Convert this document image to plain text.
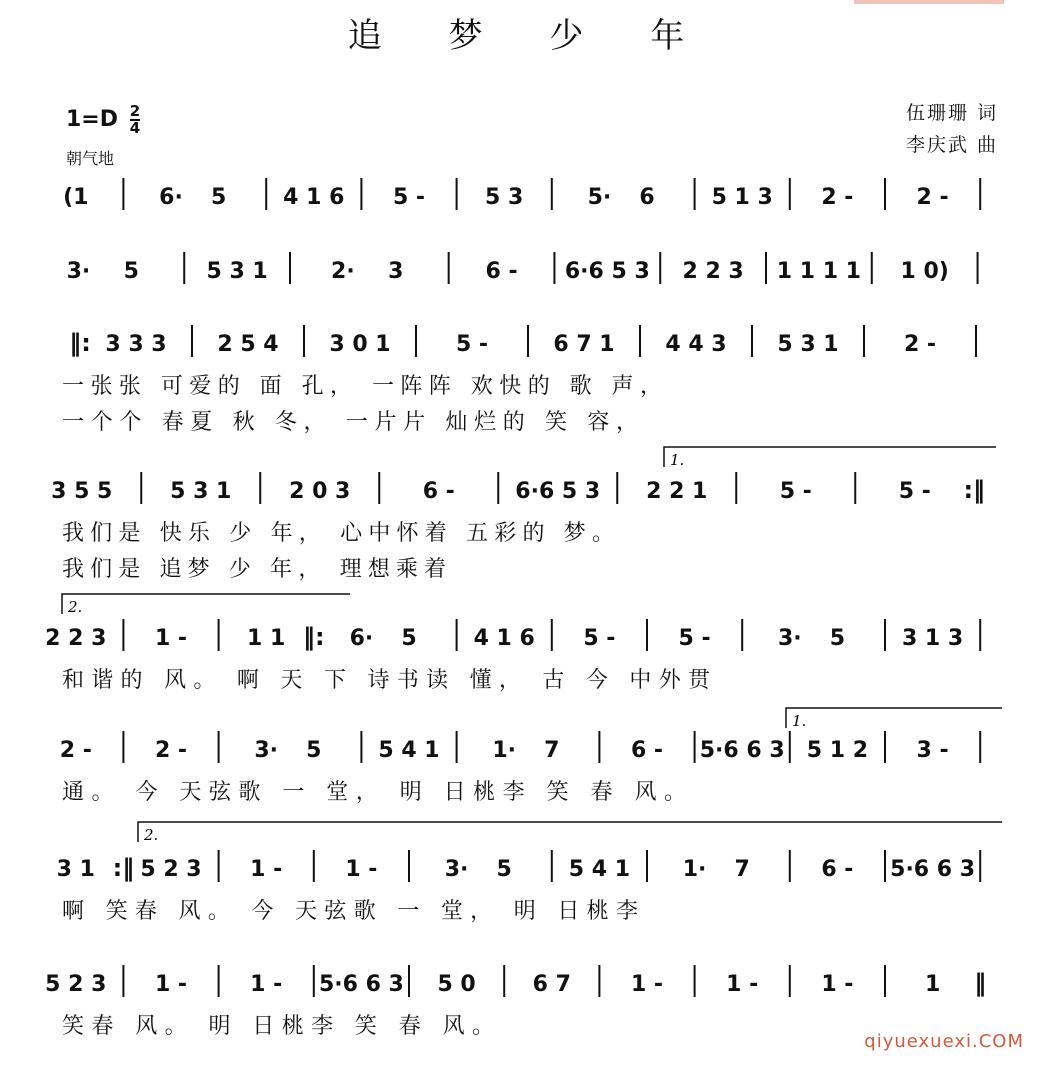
追 梦 少 年
$1=D \frac{2}{4}$
朝气地
伍珊珊 词
李庆武 曲
(1	6· 5	4 1 6 5 -	5 3	5· 6	5 1 3 2 -	2 -
3· 5	5 3 1	2· 3	6 - 6·6 5 3 2 2 3 1 1 1 1 1 0)
‖: 3 3 3 2 5 4 3 0 1	5 -	6 7 1 4 4 3 5 3 1	2 -
一张张 可爱的 面 孔， 一阵阵 欢快的 歌 声，
一个个 春夏 秋 冬， 一片片 灿烂的 笑 容，
3 5 5	5 3 1	2 0 3	6 -	6·6 5 3 2 2 1	5 -	5 - :‖
我们是 快乐 少 年， 心中怀着 五彩的 梦。
我们是 追梦 少 年， 理想乘着
2 2 3 1 -	1 1 ‖: 6· 5	4 1 6 5 -	5 -	3· 5	3 1 3
和谐的 风。 啊 天 下 诗书读 懂， 古 今 中外贯
2 -	2 -	3· 5	5 4 1 1· 7	6 - 5·6 6 3 5 1 2 3 -
通。 今 天弦歌 一 堂， 明 日桃李 笑 春 风。
3 1 :‖ 5 2 3 1 -	1 -	3· 5	5 4 1 1· 7	6 - 5·6 6 3
啊 笑春 风。 今 天弦歌 一 堂， 明 日桃李
5 2 3 1 -	1 - 5·6 6 3 5 0	6 7	1 -	1 -	1 -	1 ‖
笑春 风。 明 日桃李 笑 春 风。
1.
2.
1.
2.
qiyuexuexi.COM
